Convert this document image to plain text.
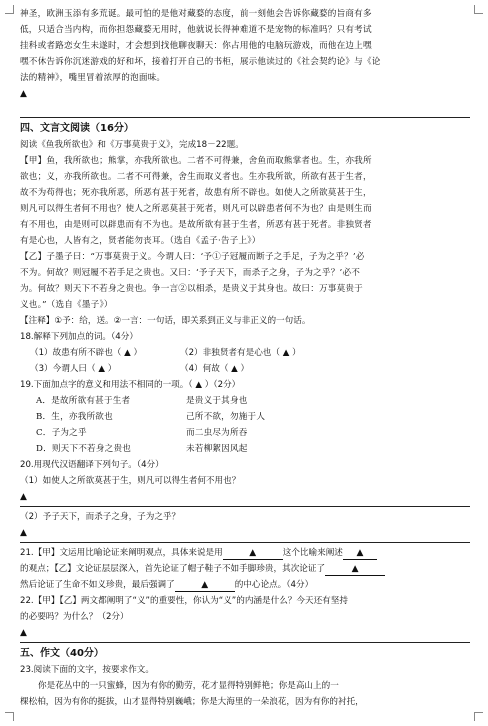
神圣，欧洲玉添有多荒诞。最可怕的是他对藏婺的态度，前一刻他会告诉你藏婺的旨商有多
低，只适合当内构，而你担怨藏婺无用时，他就说长得神难道不是宠物的标准吗？只有考试
挂科或者路恋女生未遂时，才会想到找他聊夜聊天：你占用他的电脑玩游戏，而他在边上嘿
嘿不休告诉你沉迷游戏的好和坏，接着打开自己的书柜，展示他读过的《社会契约论》与《论
法的精神》，嘴里冒着浓厚的泡面味。
▲
四、文言文阅读（16分）
阅读《鱼我所欲也》和《万事莫贵于义》，完成18－22题。
【甲】鱼，我所欲也；熊掌，亦我所欲也。二者不可得兼，舍鱼而取熊掌者也。生，亦我所
欲也；义，亦我所欲也。二者不可得兼，舍生而取义者也。生亦我所欲，所欲有甚于生者，
故不为苟得也；死亦我所恶，所恶有甚于死者，故患有所不辟也。如使人之所欲莫甚于生，
则凡可以得生者何不用也？使人之所恶莫甚于死者，则凡可以辟患者何不为也？由是则生而
有不用也，由是则可以辟患而有不为也。是故所欲有甚于生者，所恶有甚于死者。非独贤者
有是心也，人皆有之，贤者能勿丧耳。（选自《孟子·告子上》）
【乙】子墨子曰：“万事莫贵于义。今谓人曰：‘予①子冠履而断子之手足，子为之乎？’必
不为。何故？则冠履不若手足之贵也。又曰：‘予子天下，而杀子之身，子为之乎？’必不
为。何故？则天下不若身之贵也。争一言②以相杀，是贵义于其身也。故曰：万事莫贵于
义也。”（选自《墨子》）
【注释】①予：给，送。②一言：一句话，即关系到正义与非正义的一句话。
18.解释下列加点的词。（4分）
（1）故患有所不辟也（ ▲ ）	（2）非独贤者有是心也（ ▲ ）
（3）今谓人曰（ ▲ ）	（4）何故（ ▲ ）
19.下面加点字的意义和用法不相同的一项。（ ▲ ）（2分）
A．是故所欲有甚于生者	是贵义于其身也
B．生，亦我所欲也	己所不欲，勿施于人
C．子为之乎	而二虫尽为所吞
D．则天下不若身之贵也	未若柳絮因风起
20.用现代汉语翻译下列句子。（4分）
（1）如使人之所欲莫甚于生，则凡可以得生者何不用也？
▲
（2）予子天下，而杀子之身，子为之乎？
▲
21.【甲】文运用比喻论证来阐明观点，具体来说是用	▲	这个比喻来阐述 ▲
的观点；【乙】文论证层层深入，首先论证了帽子鞋子不如手脚珍贵，其次论证了	▲
然后论证了生命不如义珍贵，最后强调了	▲	的中心论点。（4分）
22.【甲】【乙】两文都阐明了“义”的重要性，你认为“义”的内涵是什么？今天还有坚持
的必要吗？为什么？（2分）
▲
五、作文（40分）
23.阅读下面的文字，按要求作文。
你是花丛中的一只蜜蜂，因为有你的勤劳，花才显得特别鲜艳；你是高山上的一
棵松柏，因为有你的挺拔，山才显得特别巍峨；你是大海里的一朵浪花，因为有你的衬托，
